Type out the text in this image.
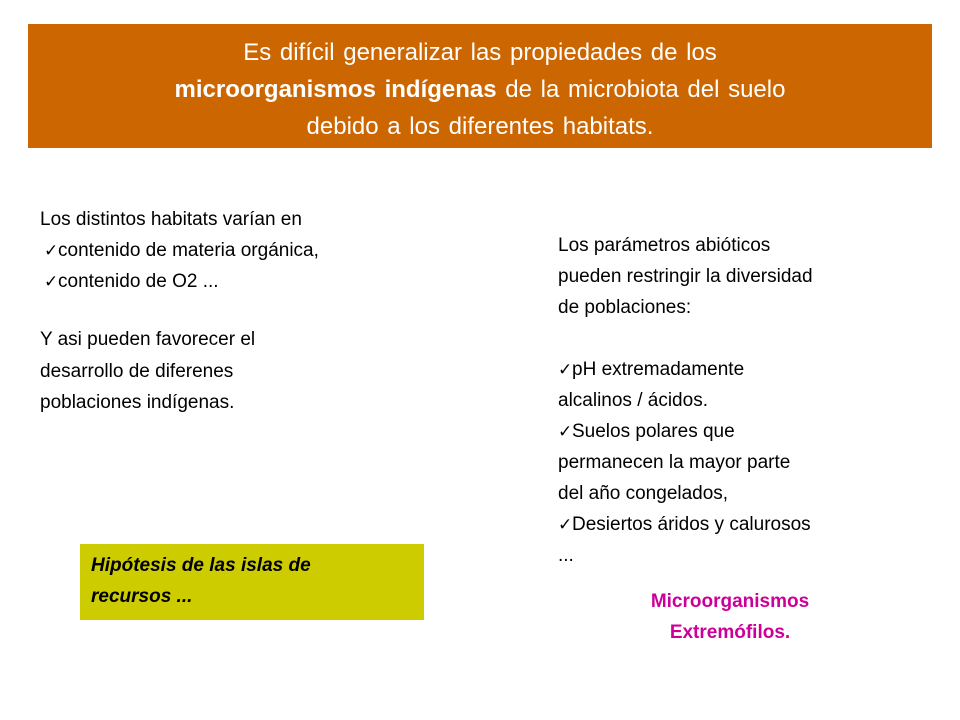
Es difícil generalizar las propiedades de los
microorganismos indígenas de la microbiota del suelo
debido a los diferentes habitats.
Los distintos habitats varían en
✓contenido de materia orgánica,
✓contenido de O2 ...
Y asi pueden favorecer el
desarrollo de diferenes
poblaciones indígenas.
Los parámetros abióticos
pueden restringir la diversidad
de poblaciones:
✓pH extremadamente
alcalinos / ácidos.
✓Suelos polares que
permanecen la mayor parte
del año congelados,
✓Desiertos áridos y calurosos
...
Microorganismos
Extremófilos.
Hipótesis de las islas de
recursos ...
